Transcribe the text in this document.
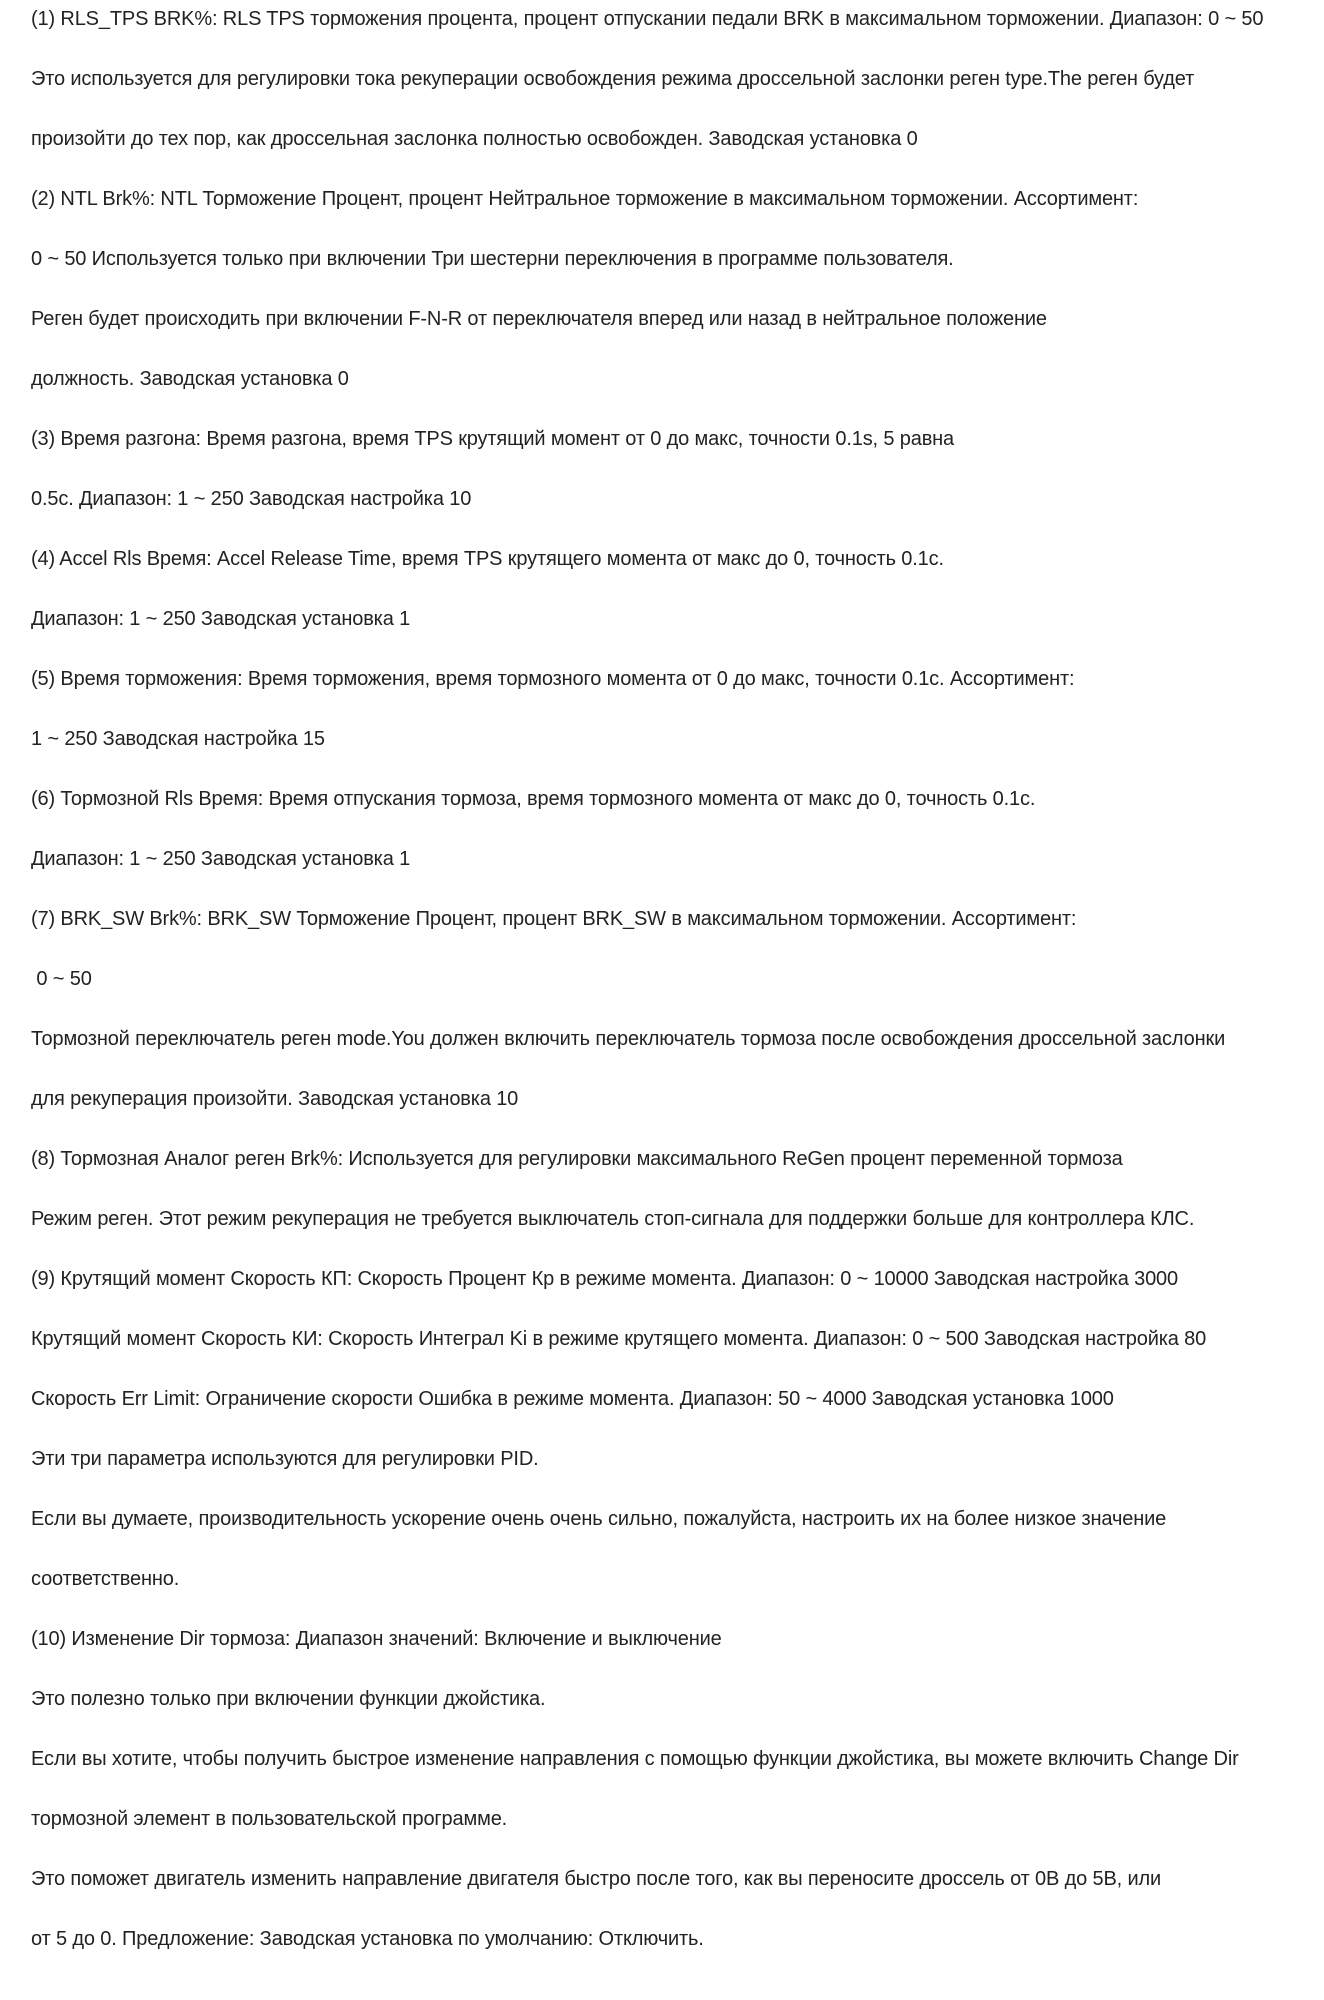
(1) RLS_TPS BRK%: RLS TPS торможения процента, процент отпускании педали BRK в максимальном торможении. Диапазон: 0 ~ 50
Это используется для регулировки тока рекуперации освобождения режима дроссельной заслонки реген type.The реген будет
произойти до тех пор, как дроссельная заслонка полностью освобожден. Заводская установка 0
(2) NTL Brk%: NTL Торможение Процент, процент Нейтральное торможение в максимальном торможении. Ассортимент:
0 ~ 50 Используется только при включении Три шестерни переключения в программе пользователя.
Реген будет происходить при включении F-N-R от переключателя вперед или назад в нейтральное положение
должность. Заводская установка 0
(3) Время разгона: Время разгона, время TPS крутящий момент от 0 до макс, точности 0.1s, 5 равна
0.5c. Диапазон: 1 ~ 250 Заводская настройка 10
(4) Accel Rls Время: Accel Release Time, время TPS крутящего момента от макс до 0, точность 0.1c.
Диапазон: 1 ~ 250 Заводская установка 1
(5) Время торможения: Время торможения, время тормозного момента от 0 до макс, точности 0.1с. Ассортимент:
1 ~ 250 Заводская настройка 15
(6) Тормозной Rls Время: Время отпускания тормоза, время тормозного момента от макс до 0, точность 0.1с.
Диапазон: 1 ~ 250 Заводская установка 1
(7) BRK_SW Brk%: BRK_SW Торможение Процент, процент BRK_SW в максимальном торможении. Ассортимент:
0 ~ 50
Тормозной переключатель реген mode.You должен включить переключатель тормоза после освобождения дроссельной заслонки
для рекуперация произойти. Заводская установка 10
(8) Тормозная Аналог реген Brk%: Используется для регулировки максимального ReGen процент переменной тормоза
Режим реген. Этот режим рекуперация не требуется выключатель стоп-сигнала для поддержки больше для контроллера КЛС.
(9) Крутящий момент Скорость КП: Скорость Процент Кр в режиме момента. Диапазон: 0 ~ 10000 Заводская настройка 3000
Крутящий момент Скорость КИ: Скорость Интеграл Ki в режиме крутящего момента. Диапазон: 0 ~ 500 Заводская настройка 80
Скорость Err Limit: Ограничение скорости Ошибка в режиме момента. Диапазон: 50 ~ 4000 Заводская установка 1000
Эти три параметра используются для регулировки PID.
Если вы думаете, производительность ускорение очень очень сильно, пожалуйста, настроить их на более низкое значение
соответственно.
(10) Изменение Dir тормоза: Диапазон значений: Включение и выключение
Это полезно только при включении функции джойстика.
Если вы хотите, чтобы получить быстрое изменение направления с помощью функции джойстика, вы можете включить Change Dir
тормозной элемент в пользовательской программе.
Это поможет двигатель изменить направление двигателя быстро после того, как вы переносите дроссель от 0В до 5В, или
от 5 до 0. Предложение: Заводская установка по умолчанию: Отключить.
